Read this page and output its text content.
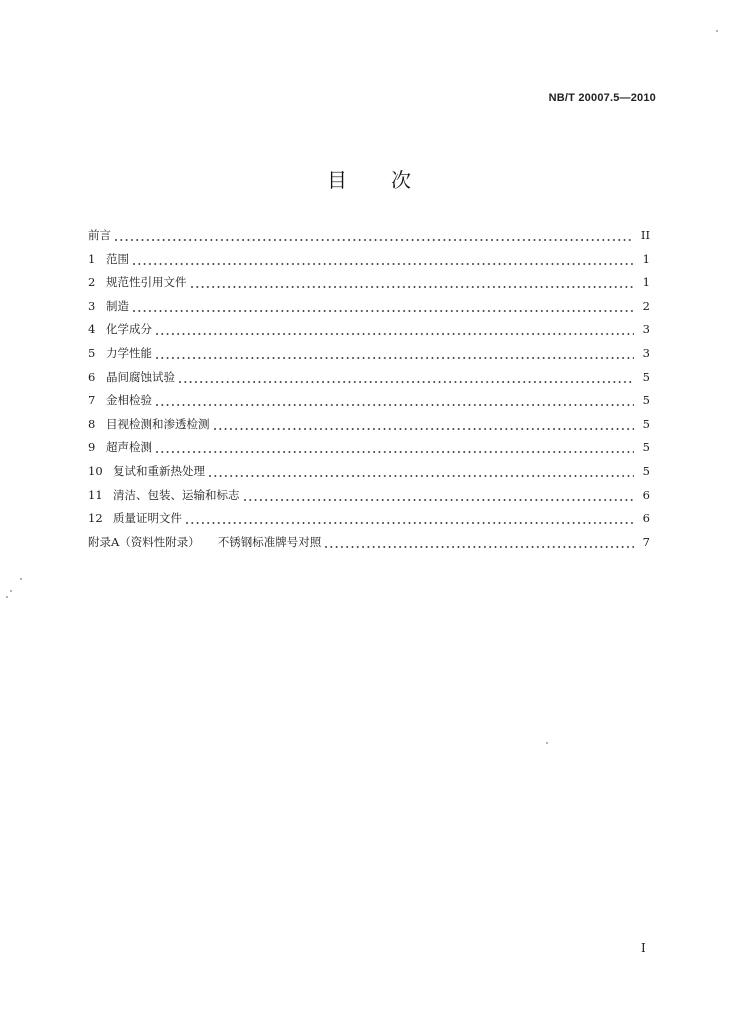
NB/T 20007.5—2010
目　次
前言	II
1 范围	1
2 规范性引用文件	1
3 制造	2
4 化学成分	3
5 力学性能	3
6 晶间腐蚀试验	5
7 金相检验	5
8 目视检测和渗透检测	5
9 超声检测	5
10 复试和重新热处理	5
11 清洁、包装、运输和标志	6
12 质量证明文件	6
附录A（资料性附录） 不锈钢标准牌号对照	7
I
